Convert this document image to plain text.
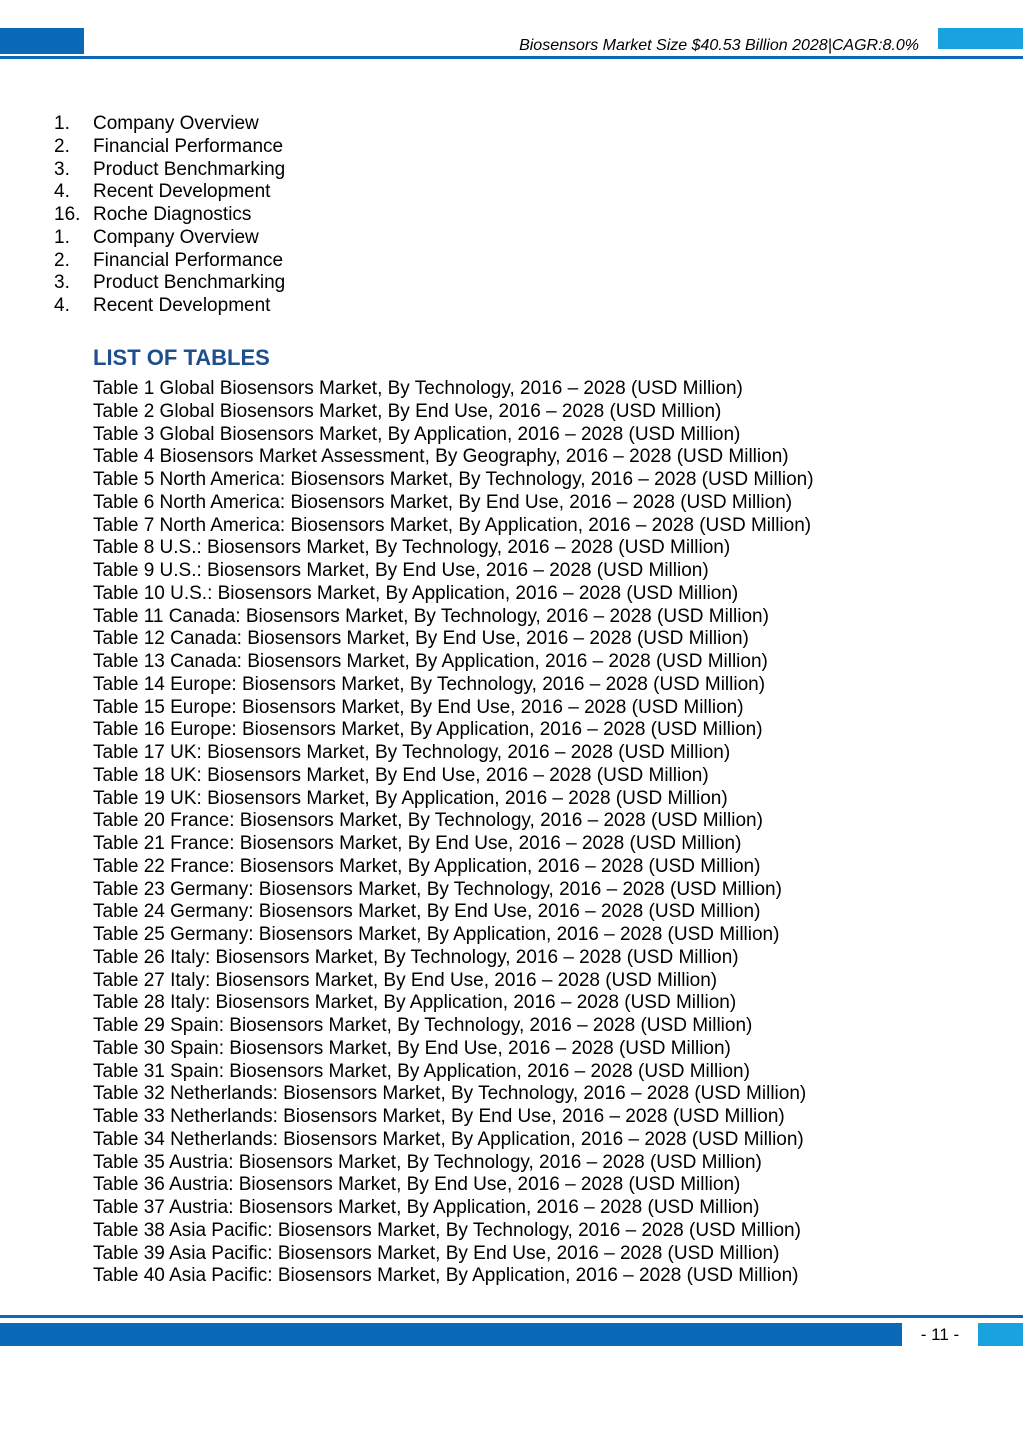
Biosensors Market Size $40.53 Billion 2028|CAGR:8.0%
1.	Company Overview
2.	Financial Performance
3.	Product Benchmarking
4.	Recent Development
16. Roche Diagnostics
1.	Company Overview
2.	Financial Performance
3.	Product Benchmarking
4.	Recent Development
LIST OF TABLES
Table 1 Global Biosensors Market, By Technology, 2016 – 2028 (USD Million)
Table 2 Global Biosensors Market, By End Use, 2016 – 2028 (USD Million)
Table 3 Global Biosensors Market, By Application, 2016 – 2028 (USD Million)
Table 4 Biosensors Market Assessment, By Geography, 2016 – 2028 (USD Million)
Table 5 North America: Biosensors Market, By Technology, 2016 – 2028 (USD Million)
Table 6 North America: Biosensors Market, By End Use, 2016 – 2028 (USD Million)
Table 7 North America: Biosensors Market, By Application, 2016 – 2028 (USD Million)
Table 8 U.S.: Biosensors Market, By Technology, 2016 – 2028 (USD Million)
Table 9 U.S.: Biosensors Market, By End Use, 2016 – 2028 (USD Million)
Table 10 U.S.: Biosensors Market, By Application, 2016 – 2028 (USD Million)
Table 11 Canada: Biosensors Market, By Technology, 2016 – 2028 (USD Million)
Table 12 Canada: Biosensors Market, By End Use, 2016 – 2028 (USD Million)
Table 13 Canada: Biosensors Market, By Application, 2016 – 2028 (USD Million)
Table 14 Europe: Biosensors Market, By Technology, 2016 – 2028 (USD Million)
Table 15 Europe: Biosensors Market, By End Use, 2016 – 2028 (USD Million)
Table 16 Europe: Biosensors Market, By Application, 2016 – 2028 (USD Million)
Table 17 UK: Biosensors Market, By Technology, 2016 – 2028 (USD Million)
Table 18 UK: Biosensors Market, By End Use, 2016 – 2028 (USD Million)
Table 19 UK: Biosensors Market, By Application, 2016 – 2028 (USD Million)
Table 20 France: Biosensors Market, By Technology, 2016 – 2028 (USD Million)
Table 21 France: Biosensors Market, By End Use, 2016 – 2028 (USD Million)
Table 22 France: Biosensors Market, By Application, 2016 – 2028 (USD Million)
Table 23 Germany: Biosensors Market, By Technology, 2016 – 2028 (USD Million)
Table 24 Germany: Biosensors Market, By End Use, 2016 – 2028 (USD Million)
Table 25 Germany: Biosensors Market, By Application, 2016 – 2028 (USD Million)
Table 26 Italy: Biosensors Market, By Technology, 2016 – 2028 (USD Million)
Table 27 Italy: Biosensors Market, By End Use, 2016 – 2028 (USD Million)
Table 28 Italy: Biosensors Market, By Application, 2016 – 2028 (USD Million)
Table 29 Spain: Biosensors Market, By Technology, 2016 – 2028 (USD Million)
Table 30 Spain: Biosensors Market, By End Use, 2016 – 2028 (USD Million)
Table 31 Spain: Biosensors Market, By Application, 2016 – 2028 (USD Million)
Table 32 Netherlands: Biosensors Market, By Technology, 2016 – 2028 (USD Million)
Table 33 Netherlands: Biosensors Market, By End Use, 2016 – 2028 (USD Million)
Table 34 Netherlands: Biosensors Market, By Application, 2016 – 2028 (USD Million)
Table 35 Austria: Biosensors Market, By Technology, 2016 – 2028 (USD Million)
Table 36 Austria: Biosensors Market, By End Use, 2016 – 2028 (USD Million)
Table 37 Austria: Biosensors Market, By Application, 2016 – 2028 (USD Million)
Table 38 Asia Pacific: Biosensors Market, By Technology, 2016 – 2028 (USD Million)
Table 39 Asia Pacific: Biosensors Market, By End Use, 2016 – 2028 (USD Million)
Table 40 Asia Pacific: Biosensors Market, By Application, 2016 – 2028 (USD Million)
- 11 -
